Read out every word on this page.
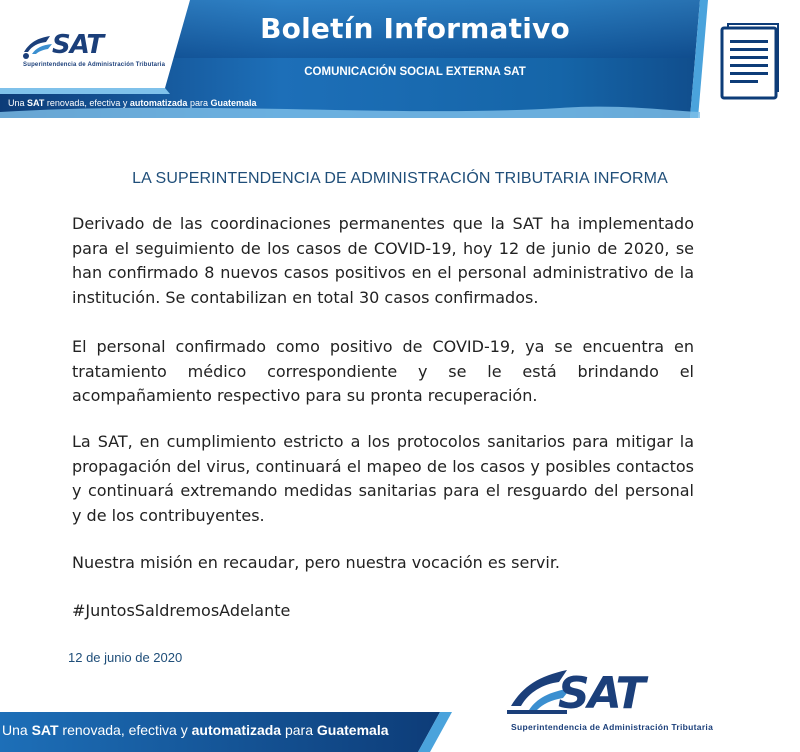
SAT
Superintendencia de Administración Tributaria
Boletín Informativo
COMUNICACIÓN SOCIAL EXTERNA SAT
Una SAT renovada, efectiva y automatizada para Guatemala
LA SUPERINTENDENCIA DE ADMINISTRACIÓN TRIBUTARIA INFORMA
Derivado de las coordinaciones permanentes que la SAT ha implementado para el seguimiento de los casos de COVID-19, hoy 12 de junio de 2020, se han confirmado 8 nuevos casos positivos en el personal administrativo de la institución. Se contabilizan en total 30 casos confirmados.
El personal confirmado como positivo de COVID-19, ya se encuentra en tratamiento médico correspondiente y se le está brindando el acompañamiento respectivo para su pronta recuperación.
La SAT, en cumplimiento estricto a los protocolos sanitarios para mitigar la propagación del virus, continuará el mapeo de los casos y posibles contactos y continuará extremando medidas sanitarias para el resguardo del personal y de los contribuyentes.
Nuestra misión en recaudar, pero nuestra vocación es servir.
#JuntosSaldremosAdelante
12 de junio de 2020
Una SAT renovada, efectiva y automatizada para Guatemala
SAT
Superintendencia de Administración Tributaria
